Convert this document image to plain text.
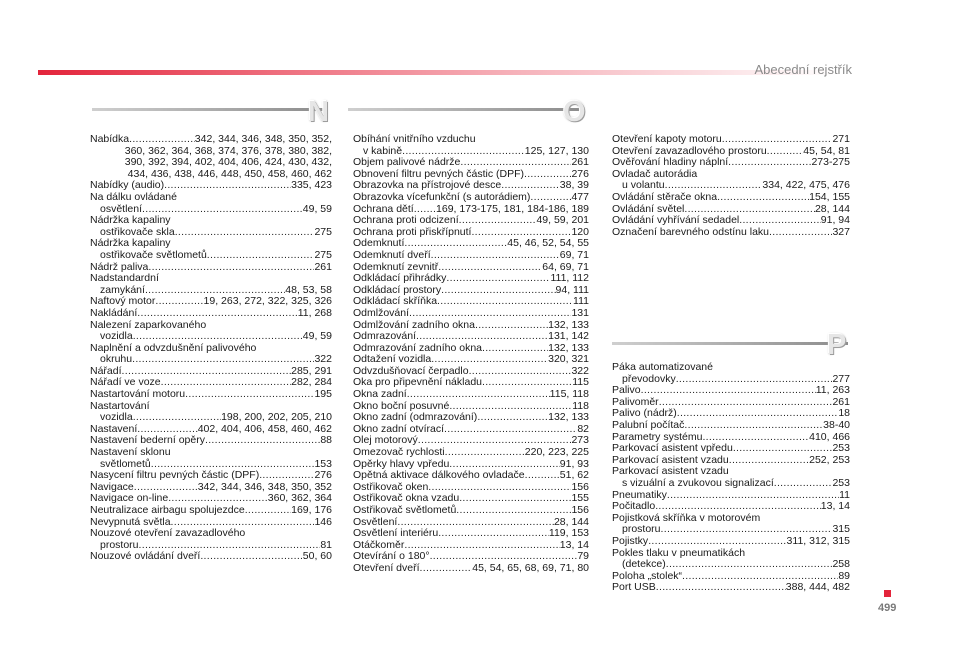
Abecední rejstřík
N	O
P
Nabídka .....	342, 344, 346, 348, 350, 352,
360, 362, 364, 368, 374, 376, 378, 380, 382,
390, 392, 394, 402, 404, 406, 424, 430, 432,
434, 436, 438, 446, 448, 450, 458, 460, 462
Nabídky (audio) .....	335, 423
Na dálku ovládané
osvětlení .....	49, 59
Nádržka kapaliny
ostřikovače skla .....	275
Nádržka kapaliny
ostřikovače světlometů .....	275
Nádrž paliva .....	261
Nadstandardní
zamykání .....	48, 53, 58
Naftový motor .....	19, 263, 272, 322, 325, 326
Nakládání .....	11, 268
Nalezení zaparkovaného
vozidla .....	49, 59
Naplnění a odvzdušnění palivového
okruhu .....	322
Nářadí .....	285, 291
Nářadí ve voze .....	282, 284
Nastartování motoru .....	195
Nastartování
vozidla .....	198, 200, 202, 205, 210
Nastavení .....	402, 404, 406, 458, 460, 462
Nastavení bederní opěry .....	88
Nastavení sklonu
světlometů .....	153
Nasycení filtru pevných částic (DPF) .....	276
Navigace .....	342, 344, 346, 348, 350, 352
Navigace on-line .....	360, 362, 364
Neutralizace airbagu spolujezdce .....	169, 176
Nevypnutá světla .....	146
Nouzové otevření zavazadlového
prostoru .....	81
Nouzové ovládání dveří .....	50, 60
Obíhání vnitřního vzduchu
v kabině .....	125, 127, 130
Objem palivové nádrže .....	261
Obnovení filtru pevných částic (DPF) .....	276
Obrazovka na přístrojové desce .....	38, 39
Obrazovka vícefunkční (s autorádiem) .....	477
Ochrana dětí ..... 169, 173-175, 181, 184-186, 189
Ochrana proti odcizení .....	49, 59, 201
Ochrana proti přiskřípnutí .....	120
Odemknutí .....	45, 46, 52, 54, 55
Odemknutí dveří .....	69, 71
Odemknutí zevnitř .....	64, 69, 71
Odkládací přihrádky .....	111, 112
Odkládací prostory .....	94, 111
Odkládací skříňka .....	111
Odmlžování .....	131
Odmlžování zadního okna .....	132, 133
Odmrazování .....	131, 142
Odmrazování zadního okna .....	132, 133
Odtažení vozidla .....	320, 321
Odvzdušňovací čerpadlo .....	322
Oka pro připevnění nákladu .....	115
Okna zadní .....	115, 118
Okno boční posuvné .....	118
Okno zadní (odmrazování) .....	132, 133
Okno zadní otvírací .....	82
Olej motorový .....	273
Omezovač rychlosti .....	220, 223, 225
Opěrky hlavy vpředu .....	91, 93
Opětná aktivace dálkového ovladače .....	51, 62
Ostřikovač oken .....	156
Ostřikovač okna vzadu .....	155
Ostřikovač světlometů .....	156
Osvětlení .....	28, 144
Osvětlení interiéru .....	119, 153
Otáčkoměr .....	13, 14
Otevírání o 180° .....	79
Otevření dveří .....	45, 54, 65, 68, 69, 71, 80
Otevření kapoty motoru .....	271
Otevření zavazadlového prostoru .....	45, 54, 81
Ověřování hladiny náplní .....	273-275
Ovladač autorádia
u volantu .....	334, 422, 475, 476
Ovládání stěrače okna .....	154, 155
Ovládání světel .....	28, 144
Ovládání vyhřívání sedadel .....	91, 94
Označení barevného odstínu laku .....	327
Páka automatizované
převodovky .....	277
Palivo .....	11, 263
Palivoměr .....	261
Palivo (nádrž) .....	18
Palubní počítač .....	38-40
Parametry systému .....	410, 466
Parkovací asistent vpředu .....	253
Parkovací asistent vzadu .....	252, 253
Parkovací asistent vzadu
s vizuální a zvukovou signalizací .....	253
Pneumatiky .....	11
Počitadlo .....	13, 14
Pojistková skříňka v motorovém
prostoru .....	315
Pojistky .....	311, 312, 315
Pokles tlaku v pneumatikách
(detekce) .....	258
Poloha „stolek“ .....	89
Port USB .....	388, 444, 482
499
